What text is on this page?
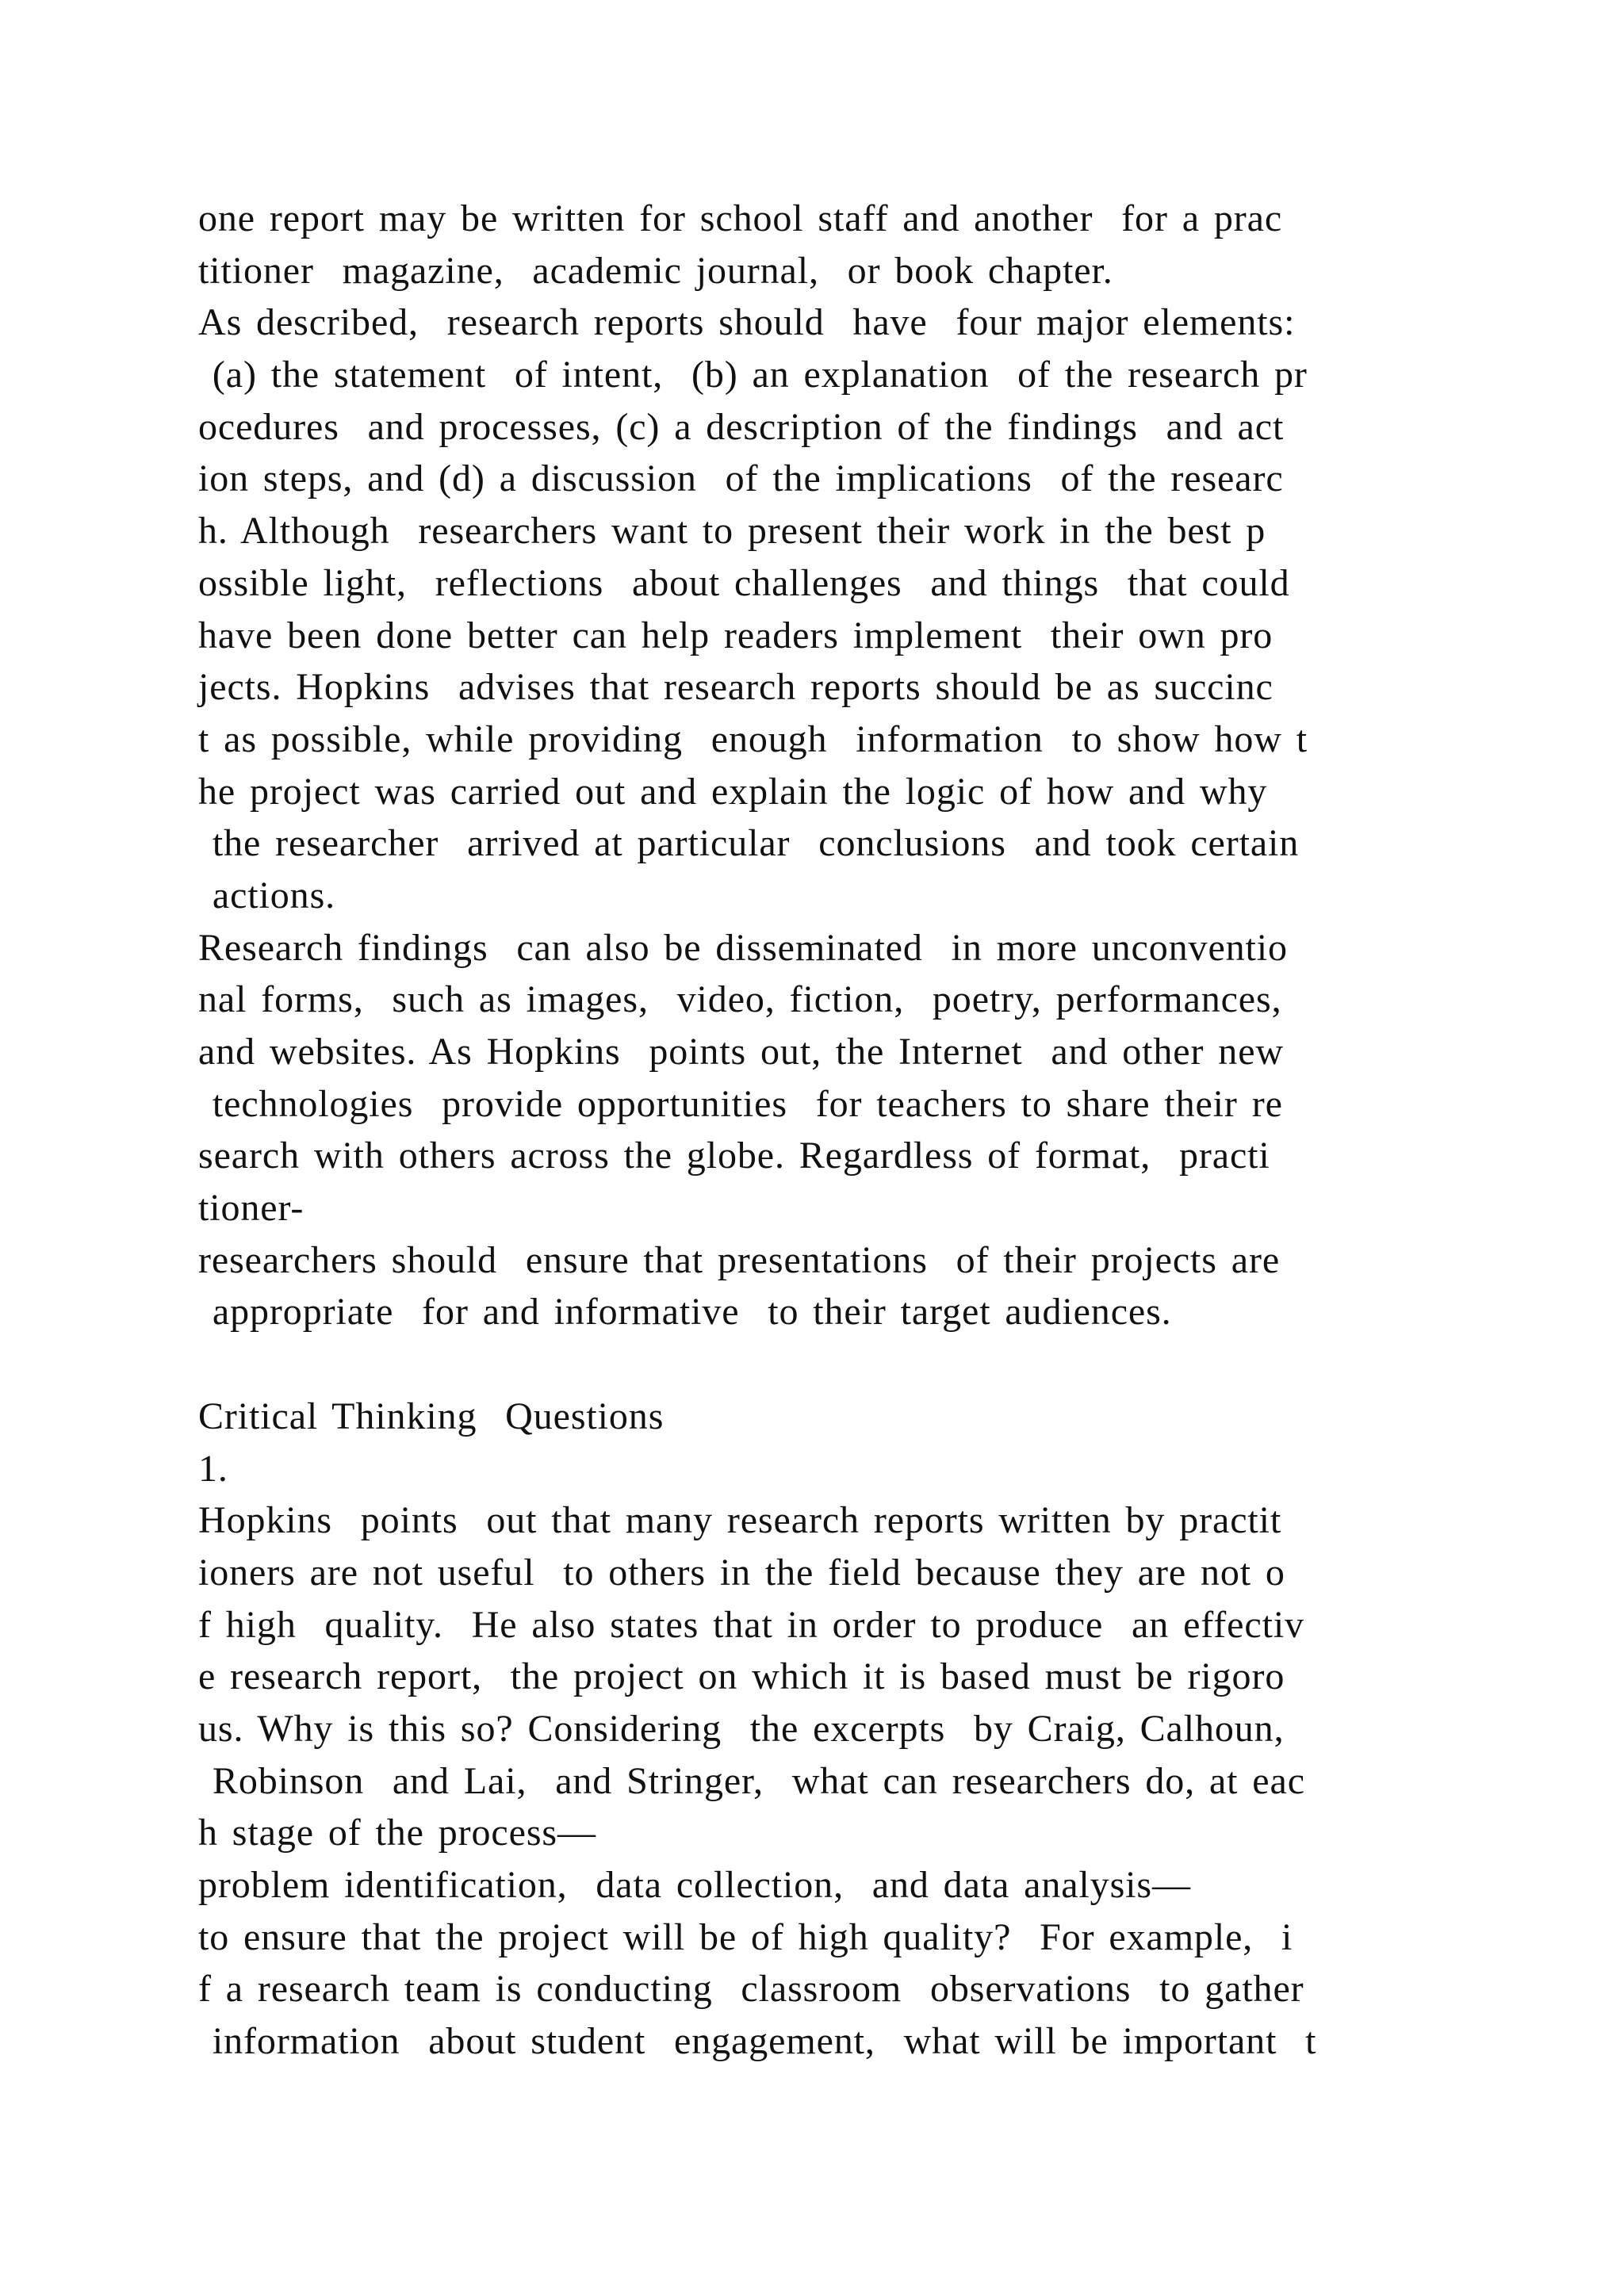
one report may be written for school staff and another  for a prac
titioner  magazine,  academic journal,  or book chapter.
As described,  research reports should  have  four major elements:
(a) the statement  of intent,  (b) an explanation  of the research pr
ocedures  and processes, (c) a description of the findings  and act
ion steps, and (d) a discussion  of the implications  of the researc
h. Although  researchers want to present their work in the best p
ossible light,  reflections  about challenges  and things  that could
have been done better can help readers implement  their own pro
jects. Hopkins  advises that research reports should be as succinc
t as possible, while providing  enough  information  to show how t
he project was carried out and explain the logic of how and why
the researcher  arrived at particular  conclusions  and took certain
actions.
Research findings  can also be disseminated  in more unconventio
nal forms,  such as images,  video, fiction,  poetry, performances,
and websites. As Hopkins  points out, the Internet  and other new
technologies  provide opportunities  for teachers to share their re
search with others across the globe. Regardless of format,  practi
tioner-
researchers should  ensure that presentations  of their projects are
appropriate  for and informative  to their target audiences.
Critical Thinking  Questions
1.
Hopkins  points  out that many research reports written by practit
ioners are not useful  to others in the field because they are not o
f high  quality.  He also states that in order to produce  an effectiv
e research report,  the project on which it is based must be rigoro
us. Why is this so? Considering  the excerpts  by Craig, Calhoun,
Robinson  and Lai,  and Stringer,  what can researchers do, at eac
h stage of the process—
problem identification,  data collection,  and data analysis—
to ensure that the project will be of high quality?  For example,  i
f a research team is conducting  classroom  observations  to gather
information  about student  engagement,  what will be important  t
